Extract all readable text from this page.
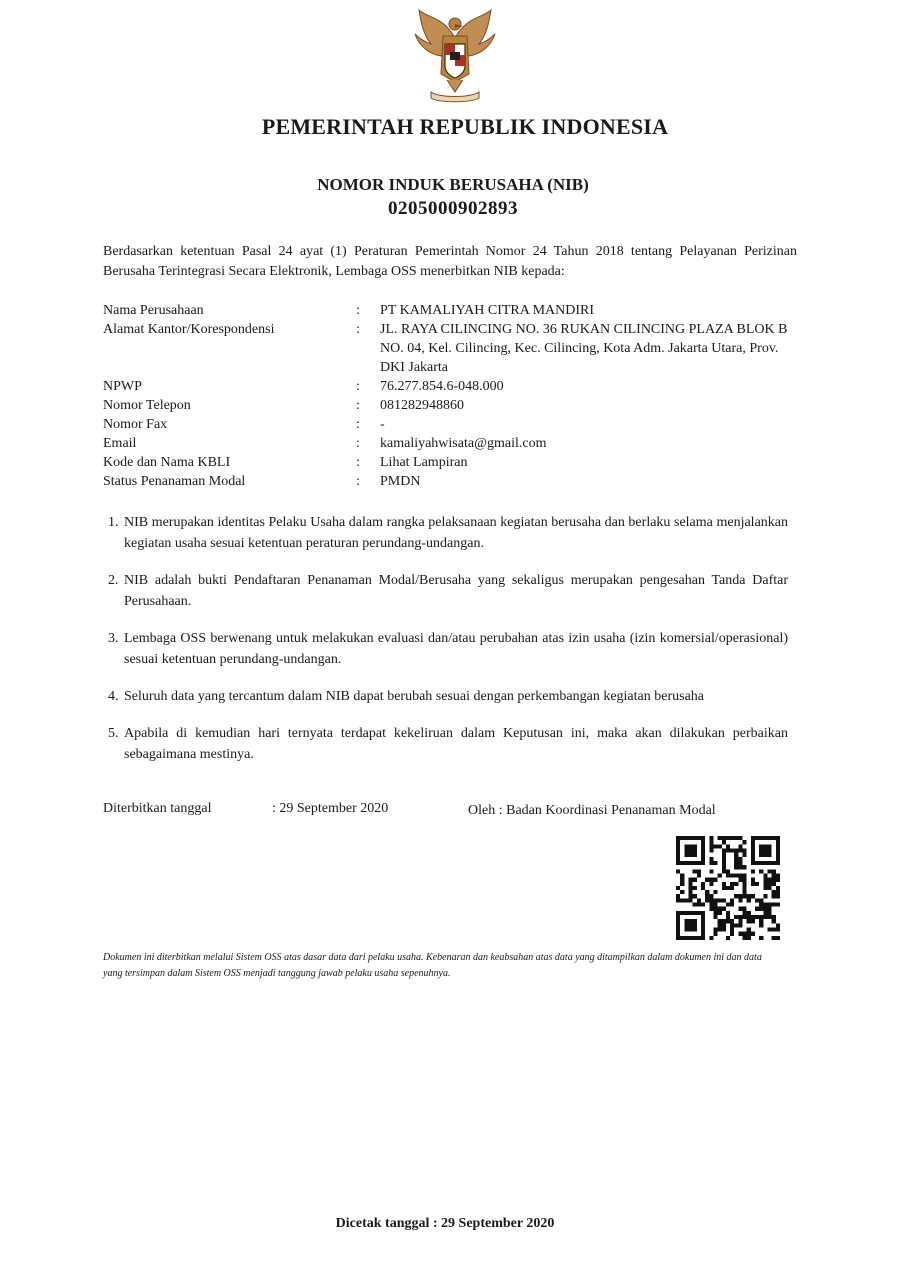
PEMERINTAH REPUBLIK INDONESIA
NOMOR INDUK BERUSAHA (NIB)
0205000902893
Berdasarkan ketentuan Pasal 24 ayat (1) Peraturan Pemerintah Nomor 24 Tahun 2018 tentang Pelayanan Perizinan Berusaha Terintegrasi Secara Elektronik, Lembaga OSS menerbitkan NIB kepada:
Nama Perusahaan	:	PT KAMALIYAH CITRA MANDIRI
Alamat Kantor/Korespondensi	:	JL. RAYA CILINCING NO. 36 RUKAN CILINCING PLAZA BLOK B NO. 04, Kel. Cilincing, Kec. Cilincing, Kota Adm. Jakarta Utara, Prov. DKI Jakarta
NPWP	:	76.277.854.6-048.000
Nomor Telepon	:	081282948860
Nomor Fax	:	-
Email	:	kamaliyahwisata@gmail.com
Kode dan Nama KBLI	:	Lihat Lampiran
Status Penanaman Modal	:	PMDN
1. NIB merupakan identitas Pelaku Usaha dalam rangka pelaksanaan kegiatan berusaha dan berlaku selama menjalankan kegiatan usaha sesuai ketentuan peraturan perundang-undangan.
2. NIB adalah bukti Pendaftaran Penanaman Modal/Berusaha yang sekaligus merupakan pengesahan Tanda Daftar Perusahaan.
3. Lembaga OSS berwenang untuk melakukan evaluasi dan/atau perubahan atas izin usaha (izin komersial/operasional) sesuai ketentuan perundang-undangan.
4. Seluruh data yang tercantum dalam NIB dapat berubah sesuai dengan perkembangan kegiatan berusaha
5. Apabila di kemudian hari ternyata terdapat kekeliruan dalam Keputusan ini, maka akan dilakukan perbaikan sebagaimana mestinya.
Diterbitkan tanggal	: 29 September 2020	Oleh : Badan Koordinasi Penanaman Modal
Dokumen ini diterbitkan melalui Sistem OSS atas dasar data dari pelaku usaha. Kebenaran dan keabsahan atas data yang ditampilkan dalam dokumen ini dan data yang tersimpan dalam Sistem OSS menjadi tanggung jawab pelaku usaha sepenuhnya.
Dicetak tanggal : 29 September 2020
